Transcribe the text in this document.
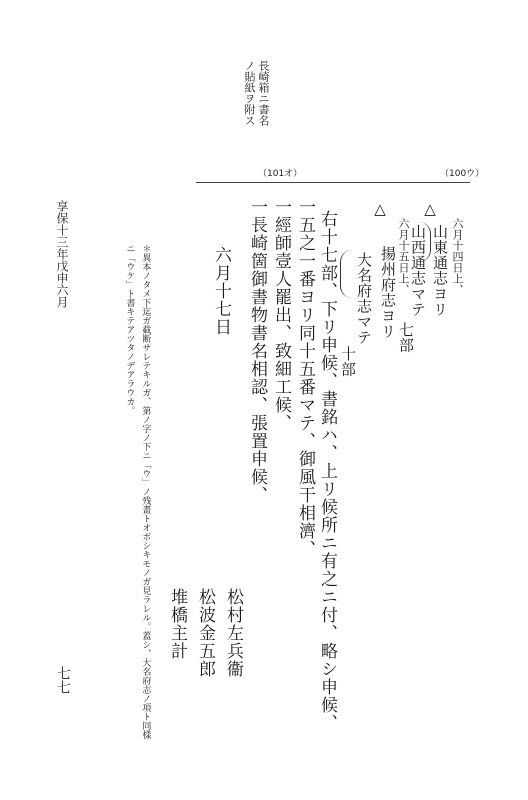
長崎箱ニ書名
ノ貼紙ヲ附ス
（101オ）	（100ウ）
六月十四日上、
山東通志ヨリ
△
山西通志マテ
七部
六月十五日上、
揚州府志ヨリ
△
大名府志マテ
十部
右十七部、下リ申候、書銘ハ、上リ候所ニ有之ニ付、略シ申候、
一五之一番ヨリ同十五番マテ、御風干相濟、
一經師壹人罷出、致細工候、
一長崎箇御書物書名相認、張置申候、
六月十七日
松村左兵衞
松波金五郎
堆橋主計
＊異本ノタメ下迄ガ截断サレテキルガ、第ノ字ノ下ニ「ウ」ノ残畫トオボシキモノガ見ラレル。蓋シ、大名府志ノ項ト同樣
ニ「ウケ」ト書キテアツタノデアラウカ。
享保十三年戊申六月
七七
